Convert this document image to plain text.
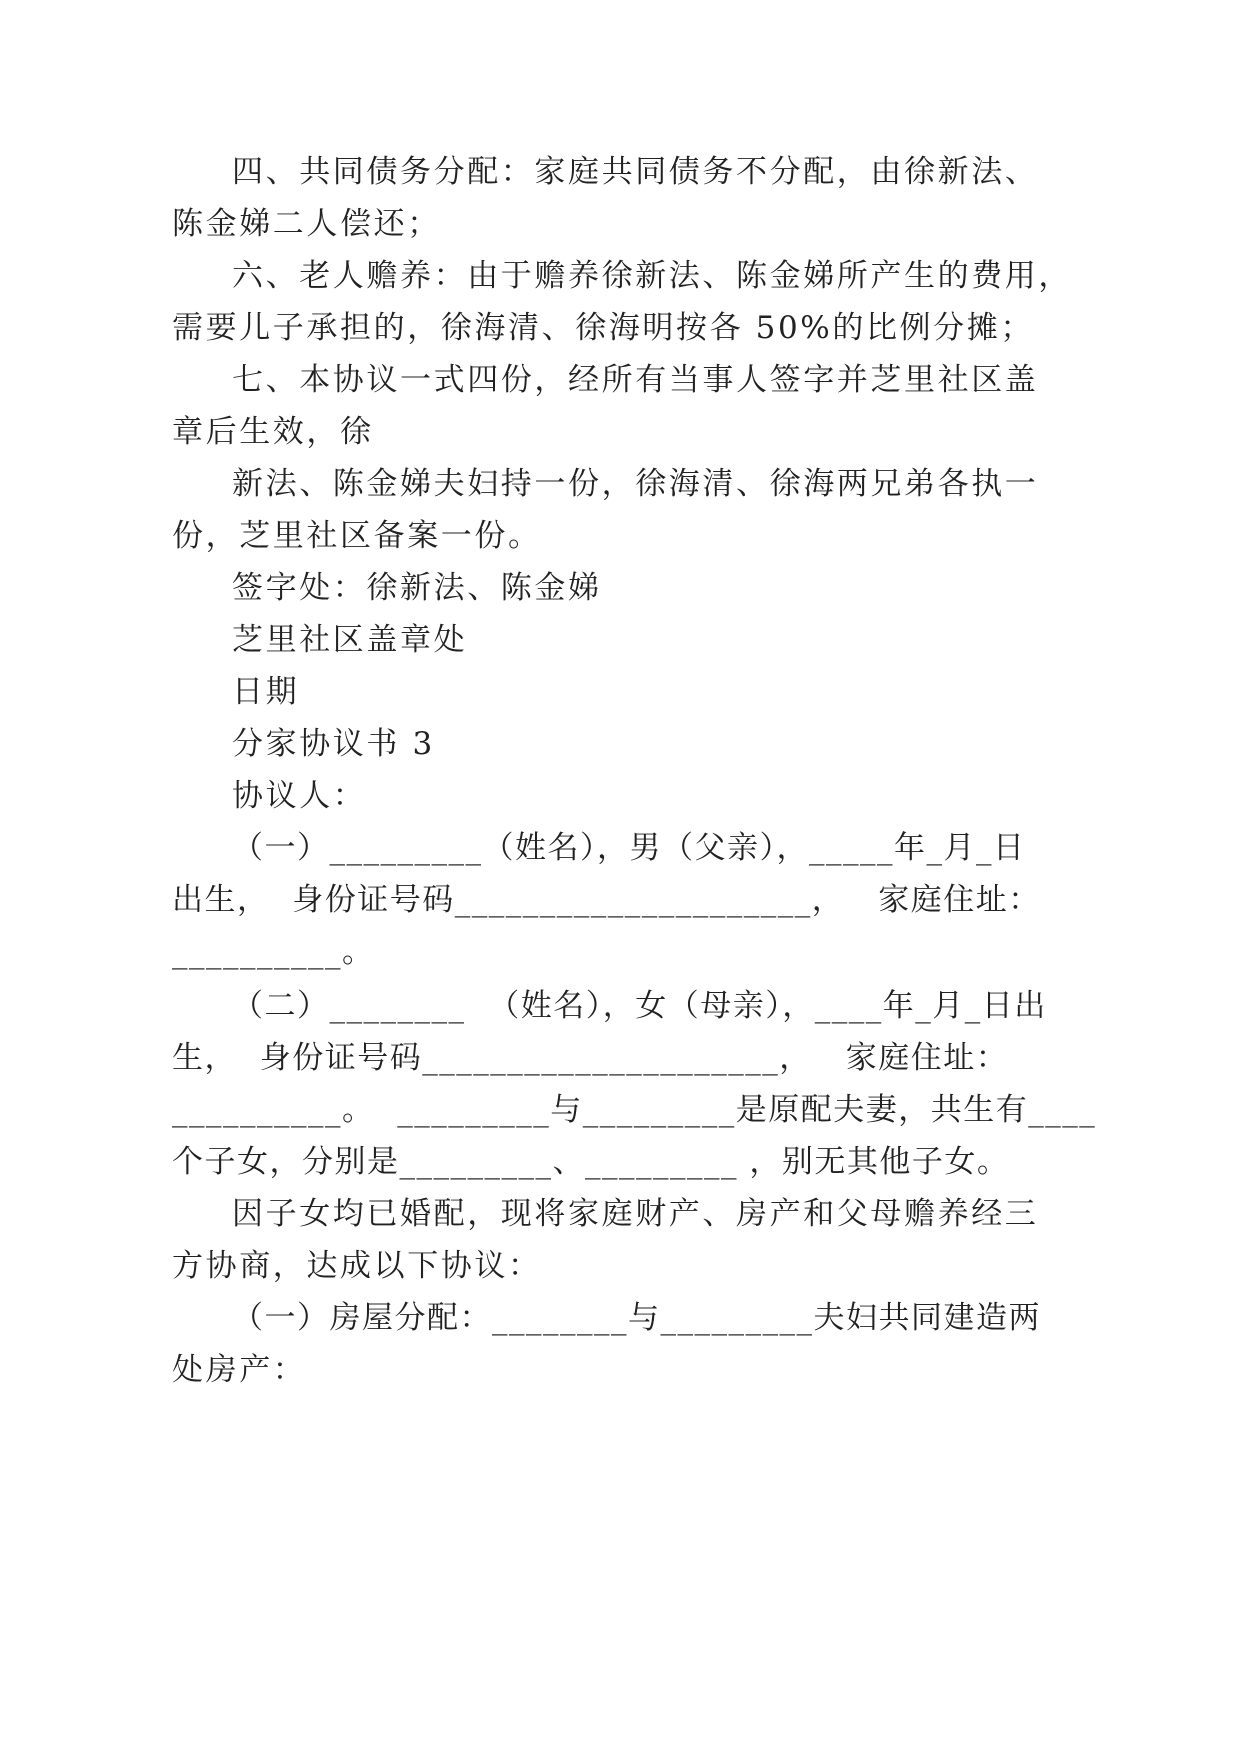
四、共同债务分配：家庭共同债务不分配，由徐新法、
陈金娣二人偿还；
六、老人赡养：由于赡养徐新法、陈金娣所产生的费用，
需要儿子承担的，徐海清、徐海明按各 50%的比例分摊；
七、本协议一式四份，经所有当事人签字并芝里社区盖
章后生效，徐
新法、陈金娣夫妇持一份，徐海清、徐海两兄弟各执一
份，芝里社区备案一份。
签字处：徐新法、陈金娣
芝里社区盖章处
日期
分家协议书 3
协议人：
（一）_________（姓名），男（父亲），_____年_月_日
出生，  身份证号码_____________________，   家庭住址：
__________。
（二）________  （姓名），女（母亲），____年_月_日出
生，  身份证号码_____________________，   家庭住址：
__________。  _________与_________是原配夫妻，共生有____
个子女，分别是_________、_________ ，别无其他子女。
因子女均已婚配，现将家庭财产、房产和父母赡养经三
方协商，达成以下协议：
（一）房屋分配：________与_________夫妇共同建造两
处房产：
